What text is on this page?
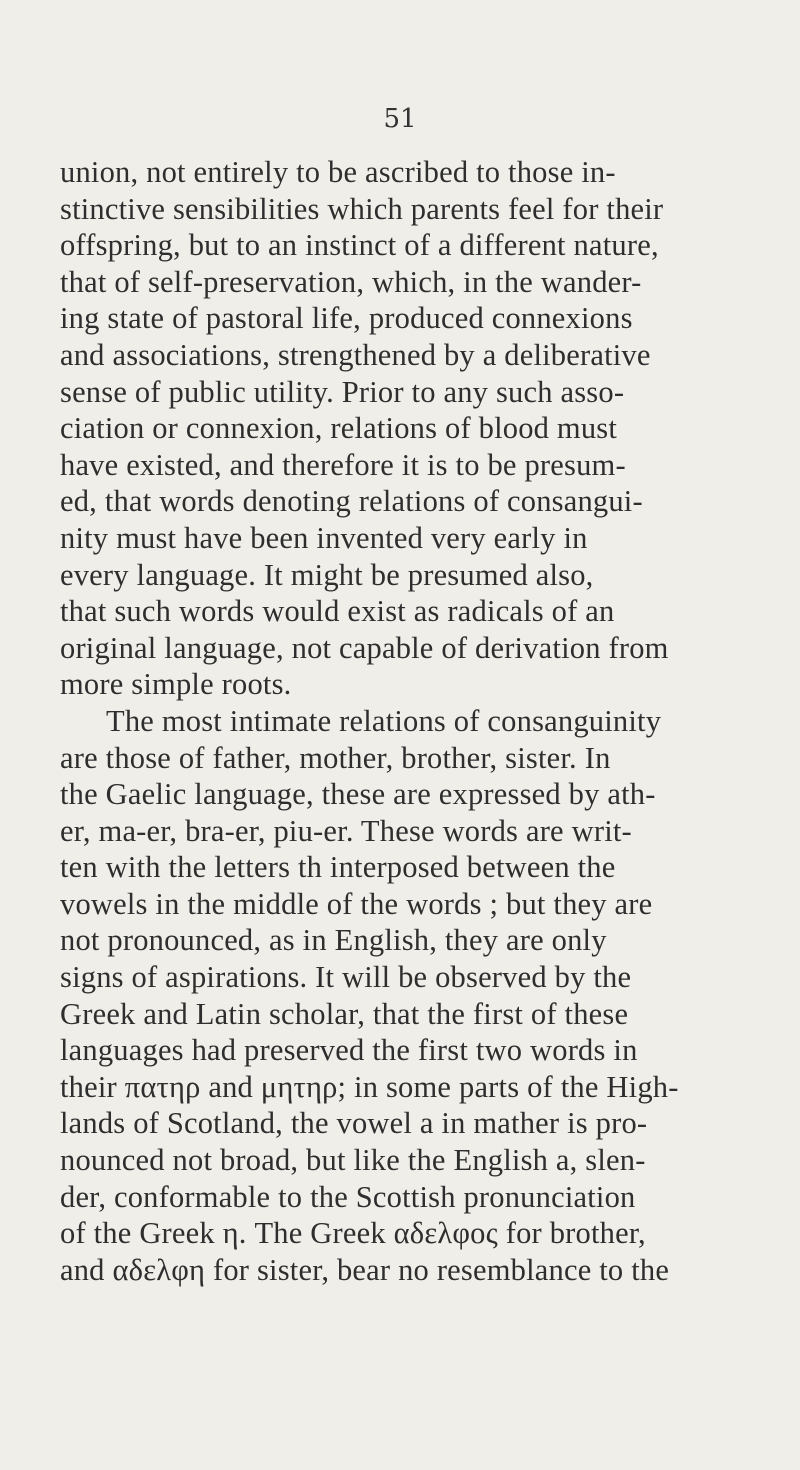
51
union, not entirely to be ascribed to those in-
stinctive sensibilities which parents feel for their
offspring, but to an instinct of a different nature,
that of self-preservation, which, in the wander-
ing state of pastoral life, produced connexions
and associations, strengthened by a deliberative
sense of public utility. Prior to any such asso-
ciation or connexion, relations of blood must
have existed, and therefore it is to be presum-
ed, that words denoting relations of consangui-
nity must have been invented very early in
every language. It might be presumed also,
that such words would exist as radicals of an
original language, not capable of derivation from
more simple roots.
The most intimate relations of consanguinity
are those of father, mother, brother, sister. In
the Gaelic language, these are expressed by ath-
er, ma-er, bra-er, piu-er. These words are writ-
ten with the letters th interposed between the
vowels in the middle of the words ; but they are
not pronounced, as in English, they are only
signs of aspirations. It will be observed by the
Greek and Latin scholar, that the first of these
languages had preserved the first two words in
their πατηρ and μητηρ; in some parts of the High-
lands of Scotland, the vowel a in mather is pro-
nounced not broad, but like the English a, slen-
der, conformable to the Scottish pronunciation
of the Greek η. The Greek αδελφος for brother,
and αδελφη for sister, bear no resemblance to the
